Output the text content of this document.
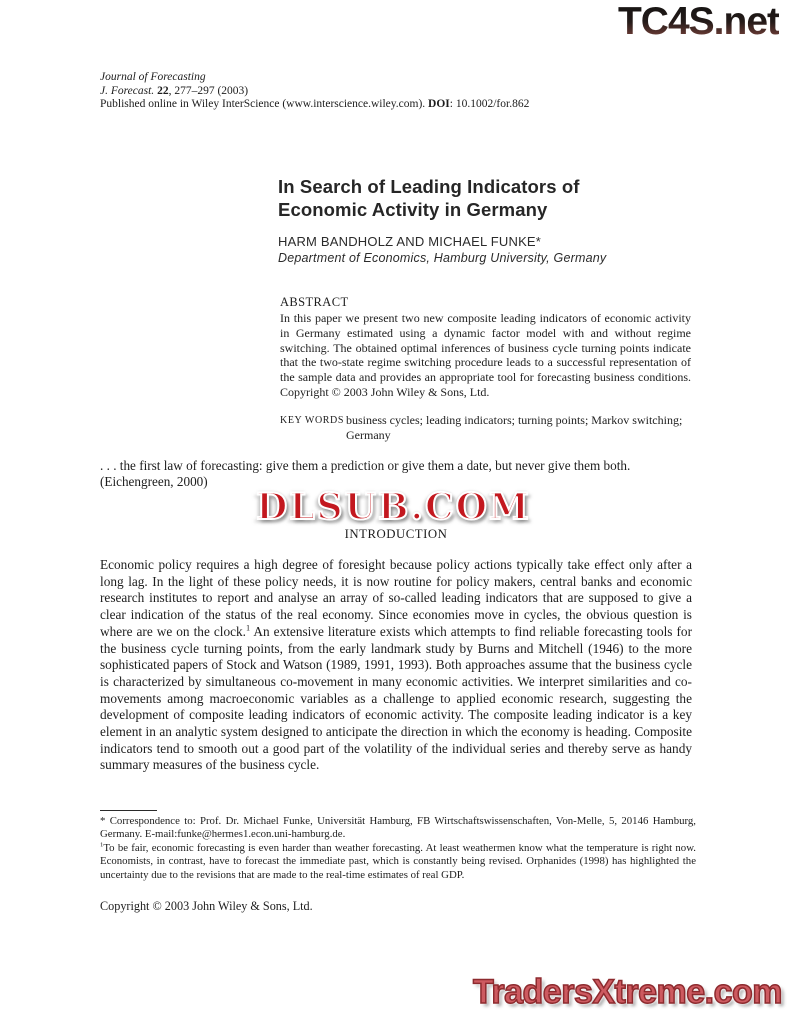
TC4S.net
DLSUB.COM
TradersXtreme.com
Journal of Forecasting
J. Forecast. 22, 277–297 (2003)
Published online in Wiley InterScience (www.interscience.wiley.com). DOI: 10.1002/for.862
In Search of Leading Indicators of
Economic Activity in Germany
HARM BANDHOLZ AND MICHAEL FUNKE*
Department of Economics, Hamburg University, Germany
ABSTRACT
In this paper we present two new composite leading indicators of economic activity in Germany estimated using a dynamic factor model with and without regime switching. The obtained optimal inferences of business cycle turning points indicate that the two-state regime switching procedure leads to a successful representation of the sample data and provides an appropriate tool for forecasting business conditions. Copyright © 2003 John Wiley & Sons, Ltd.
KEY WORDS business cycles; leading indicators; turning points; Markov switching; Germany
. . . the first law of forecasting: give them a prediction or give them a date, but never give them both.
(Eichengreen, 2000)
INTRODUCTION
Economic policy requires a high degree of foresight because policy actions typically take effect only after a long lag. In the light of these policy needs, it is now routine for policy makers, central banks and economic research institutes to report and analyse an array of so-called leading indicators that are supposed to give a clear indication of the status of the real economy. Since economies move in cycles, the obvious question is where are we on the clock.$^1$ An extensive literature exists which attempts to find reliable forecasting tools for the business cycle turning points, from the early landmark study by Burns and Mitchell (1946) to the more sophisticated papers of Stock and Watson (1989, 1991, 1993). Both approaches assume that the business cycle is characterized by simultaneous co-movement in many economic activities. We interpret similarities and co-movements among macroeconomic variables as a challenge to applied economic research, suggesting the development of composite leading indicators of economic activity. The composite leading indicator is a key element in an analytic system designed to anticipate the direction in which the economy is heading. Composite indicators tend to smooth out a good part of the volatility of the individual series and thereby serve as handy summary measures of the business cycle.
* Correspondence to: Prof. Dr. Michael Funke, Universität Hamburg, FB Wirtschaftswissenschaften, Von-Melle, 5, 20146 Hamburg, Germany. E-mail:funke@hermes1.econ.uni-hamburg.de.
$^1$To be fair, economic forecasting is even harder than weather forecasting. At least weathermen know what the temperature is right now. Economists, in contrast, have to forecast the immediate past, which is constantly being revised. Orphanides (1998) has highlighted the uncertainty due to the revisions that are made to the real-time estimates of real GDP.
Copyright © 2003 John Wiley & Sons, Ltd.
